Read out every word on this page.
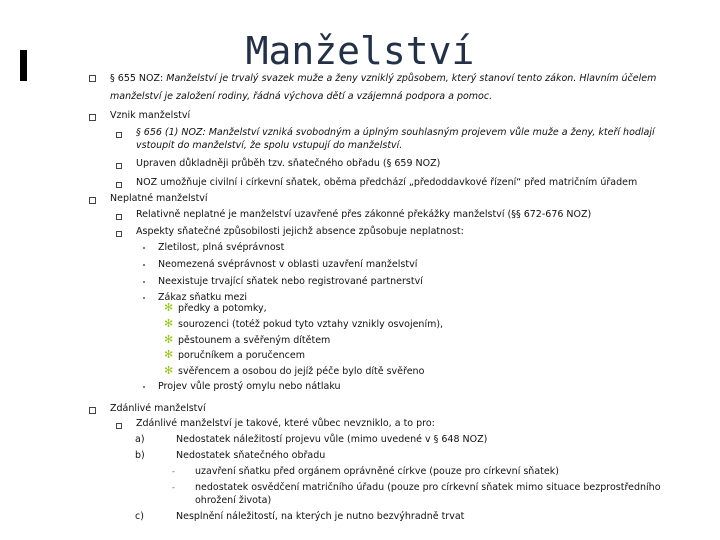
Manželství
§ 655 NOZ: Manželství je trvalý svazek muže a ženy vzniklý způsobem, který stanoví tento zákon. Hlavním účelem manželství je založení rodiny, řádná výchova dětí a vzájemná podpora a pomoc.
Vznik manželství
§ 656 (1) NOZ: Manželství vzniká svobodným a úplným souhlasným projevem vůle muže a ženy, kteří hodlají vstoupit do manželství, že spolu vstupují do manželství.
Upraven důkladněji průběh tzv. sňatečného obřadu (§ 659 NOZ)
NOZ umožňuje civilní i církevní sňatek, oběma předchází „předoddavkové řízení“ před matričním úřadem
Neplatné manželství
Relativně neplatné je manželství uzavřené přes zákonné překážky manželství (§§ 672-676 NOZ)
Aspekty sňatečné způsobilosti jejichž absence způsobuje neplatnost:
Zletilost, plná svéprávnost
Neomezená svéprávnost v oblasti uzavření manželství
Neexistuje trvající sňatek nebo registrované partnerství
Zákaz sňatku mezi
✻ předky a potomky,
✻ sourozenci (totéž pokud tyto vztahy vznikly osvojením),
✻ pěstounem a svěřeným dítětem
✻ poručníkem a poručencem
✻ svěřencem a osobou do jejíž péče bylo dítě svěřeno
Projev vůle prostý omylu nebo nátlaku
Zdánlivé manželství
Zdánlivé manželství je takové, které vůbec nevzniklo, a to pro:
a)	Nedostatek náležitostí projevu vůle (mimo uvedené v § 648 NOZ)
b)	Nedostatek sňatečného obřadu
- uzavření sňatku před orgánem oprávněné církve (pouze pro církevní sňatek)
- nedostatek osvědčení matričního úřadu (pouze pro církevní sňatek mimo situace bezprostředního ohrožení života)
c)	Nesplnění náležitostí, na kterých je nutno bezvýhradně trvat
